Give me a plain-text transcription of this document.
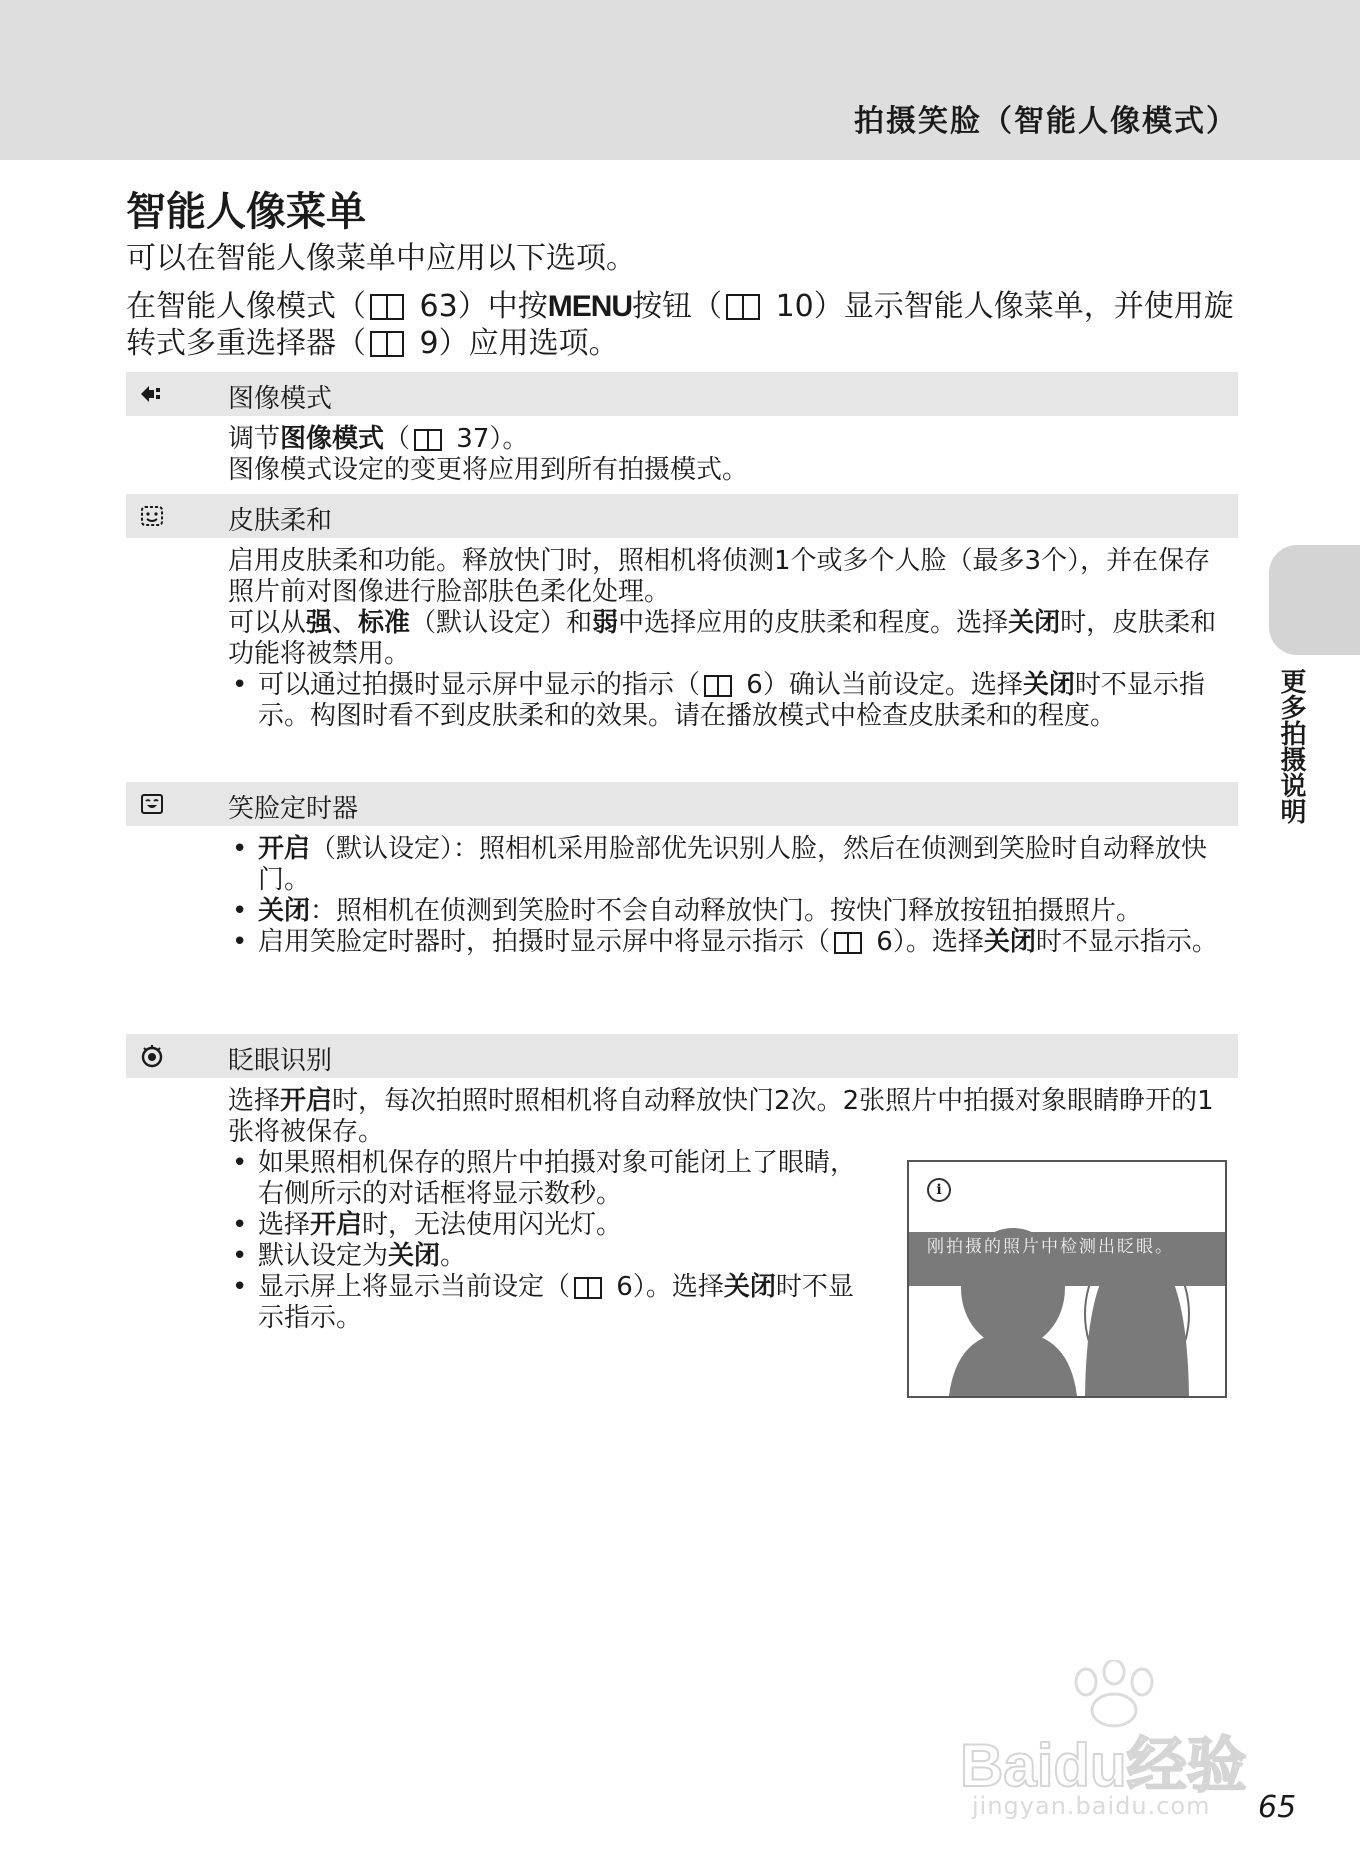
拍摄笑脸（智能人像模式）
智能人像菜单
可以在智能人像菜单中应用以下选项。
在智能人像模式（ 63）中按MENU按钮（ 10）显示智能人像菜单，并使用旋转式多重选择器（ 9）应用选项。
图像模式

调节图像模式（ 37）。

图像模式设定的变更将应用到所有拍摄模式。

皮肤柔和

启用皮肤柔和功能。释放快门时，照相机将侦测1个或多个人脸（最多3个），并在保存照片前对图像进行脸部肤色柔化处理。

可以从强、标准（默认设定）和弱中选择应用的皮肤柔和程度。选择关闭时，皮肤柔和功能将被禁用。

• 可以通过拍摄时显示屏中显示的指示（ 6）确认当前设定。选择关闭时不显示指示。构图时看不到皮肤柔和的效果。请在播放模式中检查皮肤柔和的程度。
笑脸定时器
• 开启（默认设定）：照相机采用脸部优先识别人脸，然后在侦测到笑脸时自动释放快门。
• 关闭：照相机在侦测到笑脸时不会自动释放快门。按快门释放按钮拍摄照片。
• 启用笑脸定时器时，拍摄时显示屏中将显示指示（ 6）。选择关闭时不显示指示。
眨眼识别

选择开启时，每次拍照时照相机将自动释放快门2次。2张照片中拍摄对象眼睛睁开的1张将被保存。

• 如果照相机保存的照片中拍摄对象可能闭上了眼睛，右侧所示的对话框将显示数秒。
• 选择开启时，无法使用闪光灯。
• 默认设定为关闭。
• 显示屏上将显示当前设定（ 6）。选择关闭时不显示指示。
i
刚拍摄的照片中检测出眨眼。
更多拍摄说明
Baidu经验
jingyan.baidu.com 65
